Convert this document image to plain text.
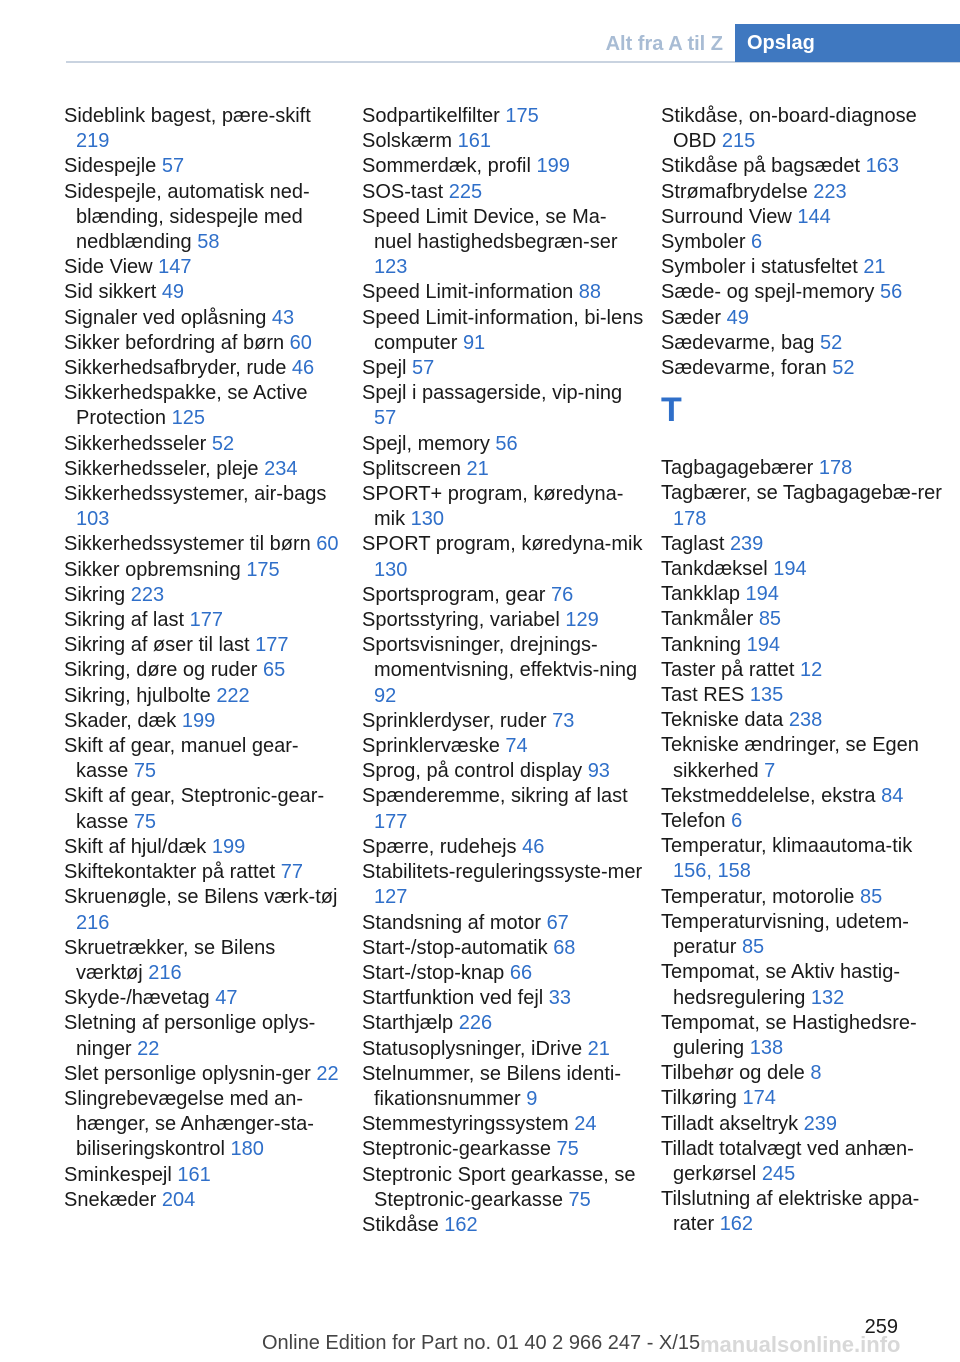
Alt fra A til Z	Opslag
Sideblink bagest, pære-skift 219
Sidespejle 57
Sidespejle, automatisk ned-blænding, sidespejle med nedblænding 58
Side View 147
Sid sikkert 49
Signaler ved oplåsning 43
Sikker befordring af børn 60
Sikkerhedsafbryder, rude 46
Sikkerhedspakke, se Active Protection 125
Sikkerhedsseler 52
Sikkerhedsseler, pleje 234
Sikkerhedssystemer, air-bags 103
Sikkerhedssystemer til børn 60
Sikker opbremsning 175
Sikring 223
Sikring af last 177
Sikring af øser til last 177
Sikring, døre og ruder 65
Sikring, hjulbolte 222
Skader, dæk 199
Skift af gear, manuel gear-kasse 75
Skift af gear, Steptronic-gear-kasse 75
Skift af hjul/dæk 199
Skiftekontakter på rattet 77
Skruenøgle, se Bilens værk-tøj 216
Skruetrækker, se Bilens værktøj 216
Skyde-/hævetag 47
Sletning af personlige oplys-ninger 22
Slet personlige oplysnin-ger 22
Slingrebevægelse med an-hænger, se Anhænger-sta-biliseringskontrol 180
Sminkespejl 161
Snekæder 204
Sodpartikelfilter 175
Solskærm 161
Sommerdæk, profil 199
SOS-tast 225
Speed Limit Device, se Ma-nuel hastighedsbegræn-ser 123
Speed Limit-information 88
Speed Limit-information, bi-lens computer 91
Spejl 57
Spejl i passagerside, vip-ning 57
Spejl, memory 56
Splitscreen 21
SPORT+ program, køredyna-mik 130
SPORT program, køredyna-mik 130
Sportsprogram, gear 76
Sportsstyring, variabel 129
Sportsvisninger, drejnings-momentvisning, effektvis-ning 92
Sprinklerdyser, ruder 73
Sprinklervæske 74
Sprog, på control display 93
Spænderemme, sikring af last 177
Spærre, rudehejs 46
Stabilitets-reguleringssyste-mer 127
Standsning af motor 67
Start-/stop-automatik 68
Start-/stop-knap 66
Startfunktion ved fejl 33
Starthjælp 226
Statusoplysninger, iDrive 21
Stelnummer, se Bilens identi-fikationsnummer 9
Stemmestyringssystem 24
Steptronic-gearkasse 75
Steptronic Sport gearkasse, se Steptronic-gearkasse 75
Stikdåse 162
Stikdåse, on-board-diagnose OBD 215
Stikdåse på bagsædet 163
Strømafbrydelse 223
Surround View 144
Symboler 6
Symboler i statusfeltet 21
Sæde- og spejl-memory 56
Sæder 49
Sædevarme, bag 52
Sædevarme, foran 52
T
Tagbagagebærer 178
Tagbærer, se Tagbagagebæ-rer 178
Taglast 239
Tankdæksel 194
Tankklap 194
Tankmåler 85
Tankning 194
Taster på rattet 12
Tast RES 135
Tekniske data 238
Tekniske ændringer, se Egen sikkerhed 7
Tekstmeddelelse, ekstra 84
Telefon 6
Temperatur, klimaautoma-tik 156, 158
Temperatur, motorolie 85
Temperaturvisning, udetem-peratur 85
Tempomat, se Aktiv hastig-hedsregulering 132
Tempomat, se Hastighedsre-gulering 138
Tilbehør og dele 8
Tilkøring 174
Tilladt akseltryk 239
Tilladt totalvægt ved anhæn-gerkørsel 245
Tilslutning af elektriske appa-rater 162
259
Online Edition for Part no. 01 40 2 966 247 - X/15 manualsonline.info
